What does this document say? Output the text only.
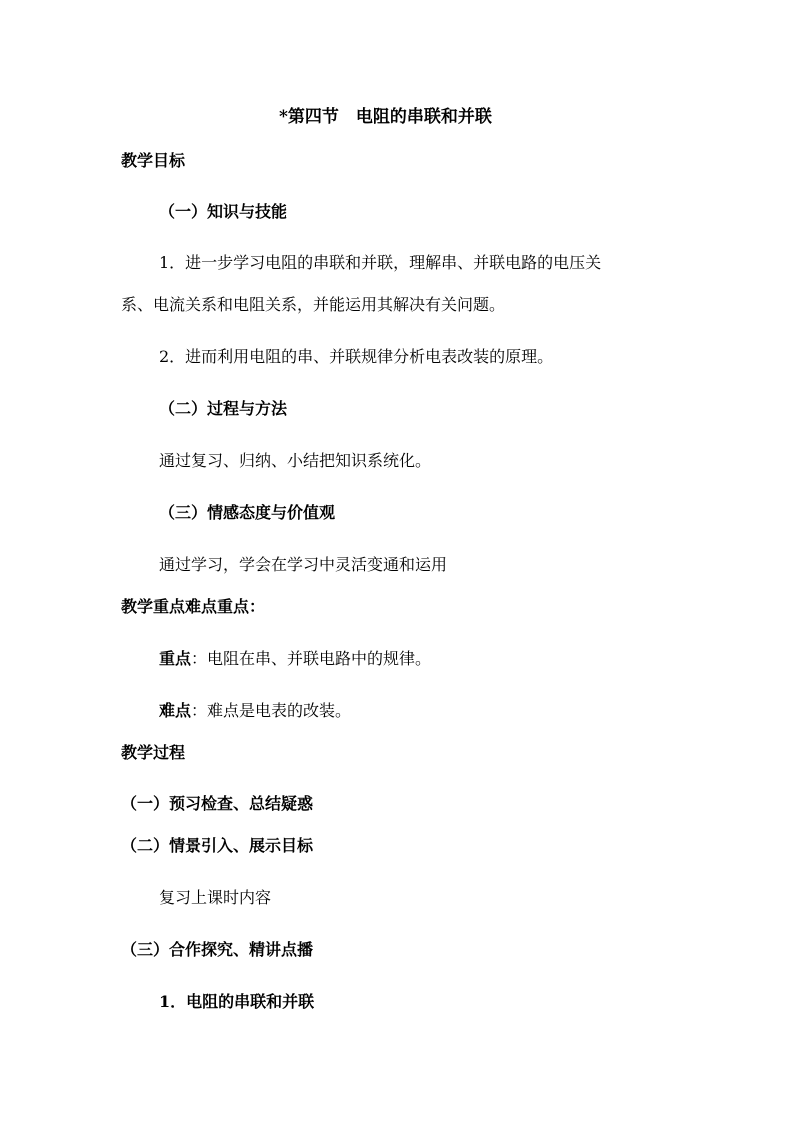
*第四节　电阻的串联和并联
教学目标
（一）知识与技能
1．进一步学习电阻的串联和并联，理解串、并联电路的电压关
系、电流关系和电阻关系，并能运用其解决有关问题。
2．进而利用电阻的串、并联规律分析电表改装的原理。
（二）过程与方法
通过复习、归纳、小结把知识系统化。
（三）情感态度与价值观
通过学习，学会在学习中灵活变通和运用
教学重点难点重点：
重点：电阻在串、并联电路中的规律。
难点：难点是电表的改装。
教学过程
（一）预习检查、总结疑惑
（二）情景引入、展示目标
复习上课时内容
（三）合作探究、精讲点播
1．电阻的串联和并联
